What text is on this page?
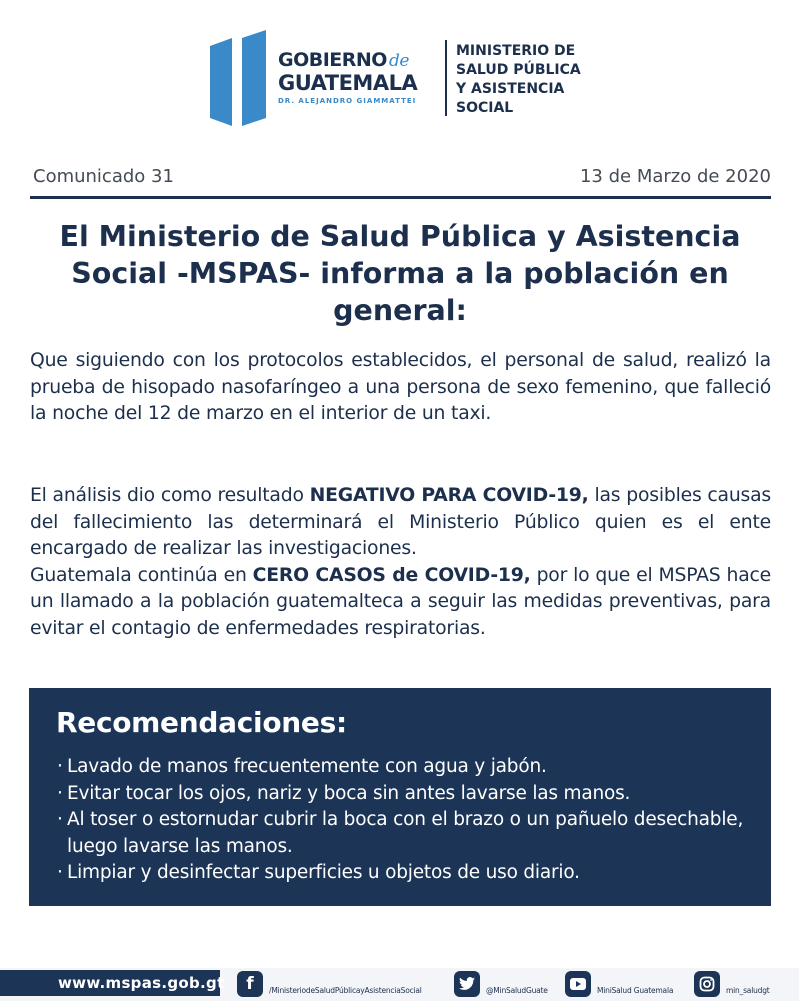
GOBIERNO de
GUATEMALA
DR. ALEJANDRO GIAMMATTEI
MINISTERIO DE
SALUD PÚBLICA
Y ASISTENCIA
SOCIAL
Comunicado 31	13 de Marzo de 2020
El Ministerio de Salud Pública y Asistencia Social -MSPAS- informa a la población en general:
Que siguiendo con los protocolos establecidos, el personal de salud, realizó la prueba de hisopado nasofaríngeo a una persona de sexo femenino, que falleció la noche del 12 de marzo en el interior de un taxi.
El análisis dio como resultado NEGATIVO PARA COVID-19, las posibles causas del fallecimiento las determinará el Ministerio Público quien es el ente encargado de realizar las investigaciones.
Guatemala continúa en CERO CASOS de COVID-19, por lo que el MSPAS hace un llamado a la población guatemalteca a seguir las medidas preventivas, para evitar el contagio de enfermedades respiratorias.
Recomendaciones:
· Lavado de manos frecuentemente con agua y jabón.
· Evitar tocar los ojos, nariz y boca sin antes lavarse las manos.
· Al toser o estornudar cubrir la boca con el brazo o un pañuelo desechable, luego lavarse las manos.
· Limpiar y desinfectar superficies u objetos de uso diario.
www.mspas.gob.gt	f	/MinisteriodeSaludPúblicayAsistenciaSocial	@MinSaludGuate	MiniSalud Guatemala	min_saludgt
